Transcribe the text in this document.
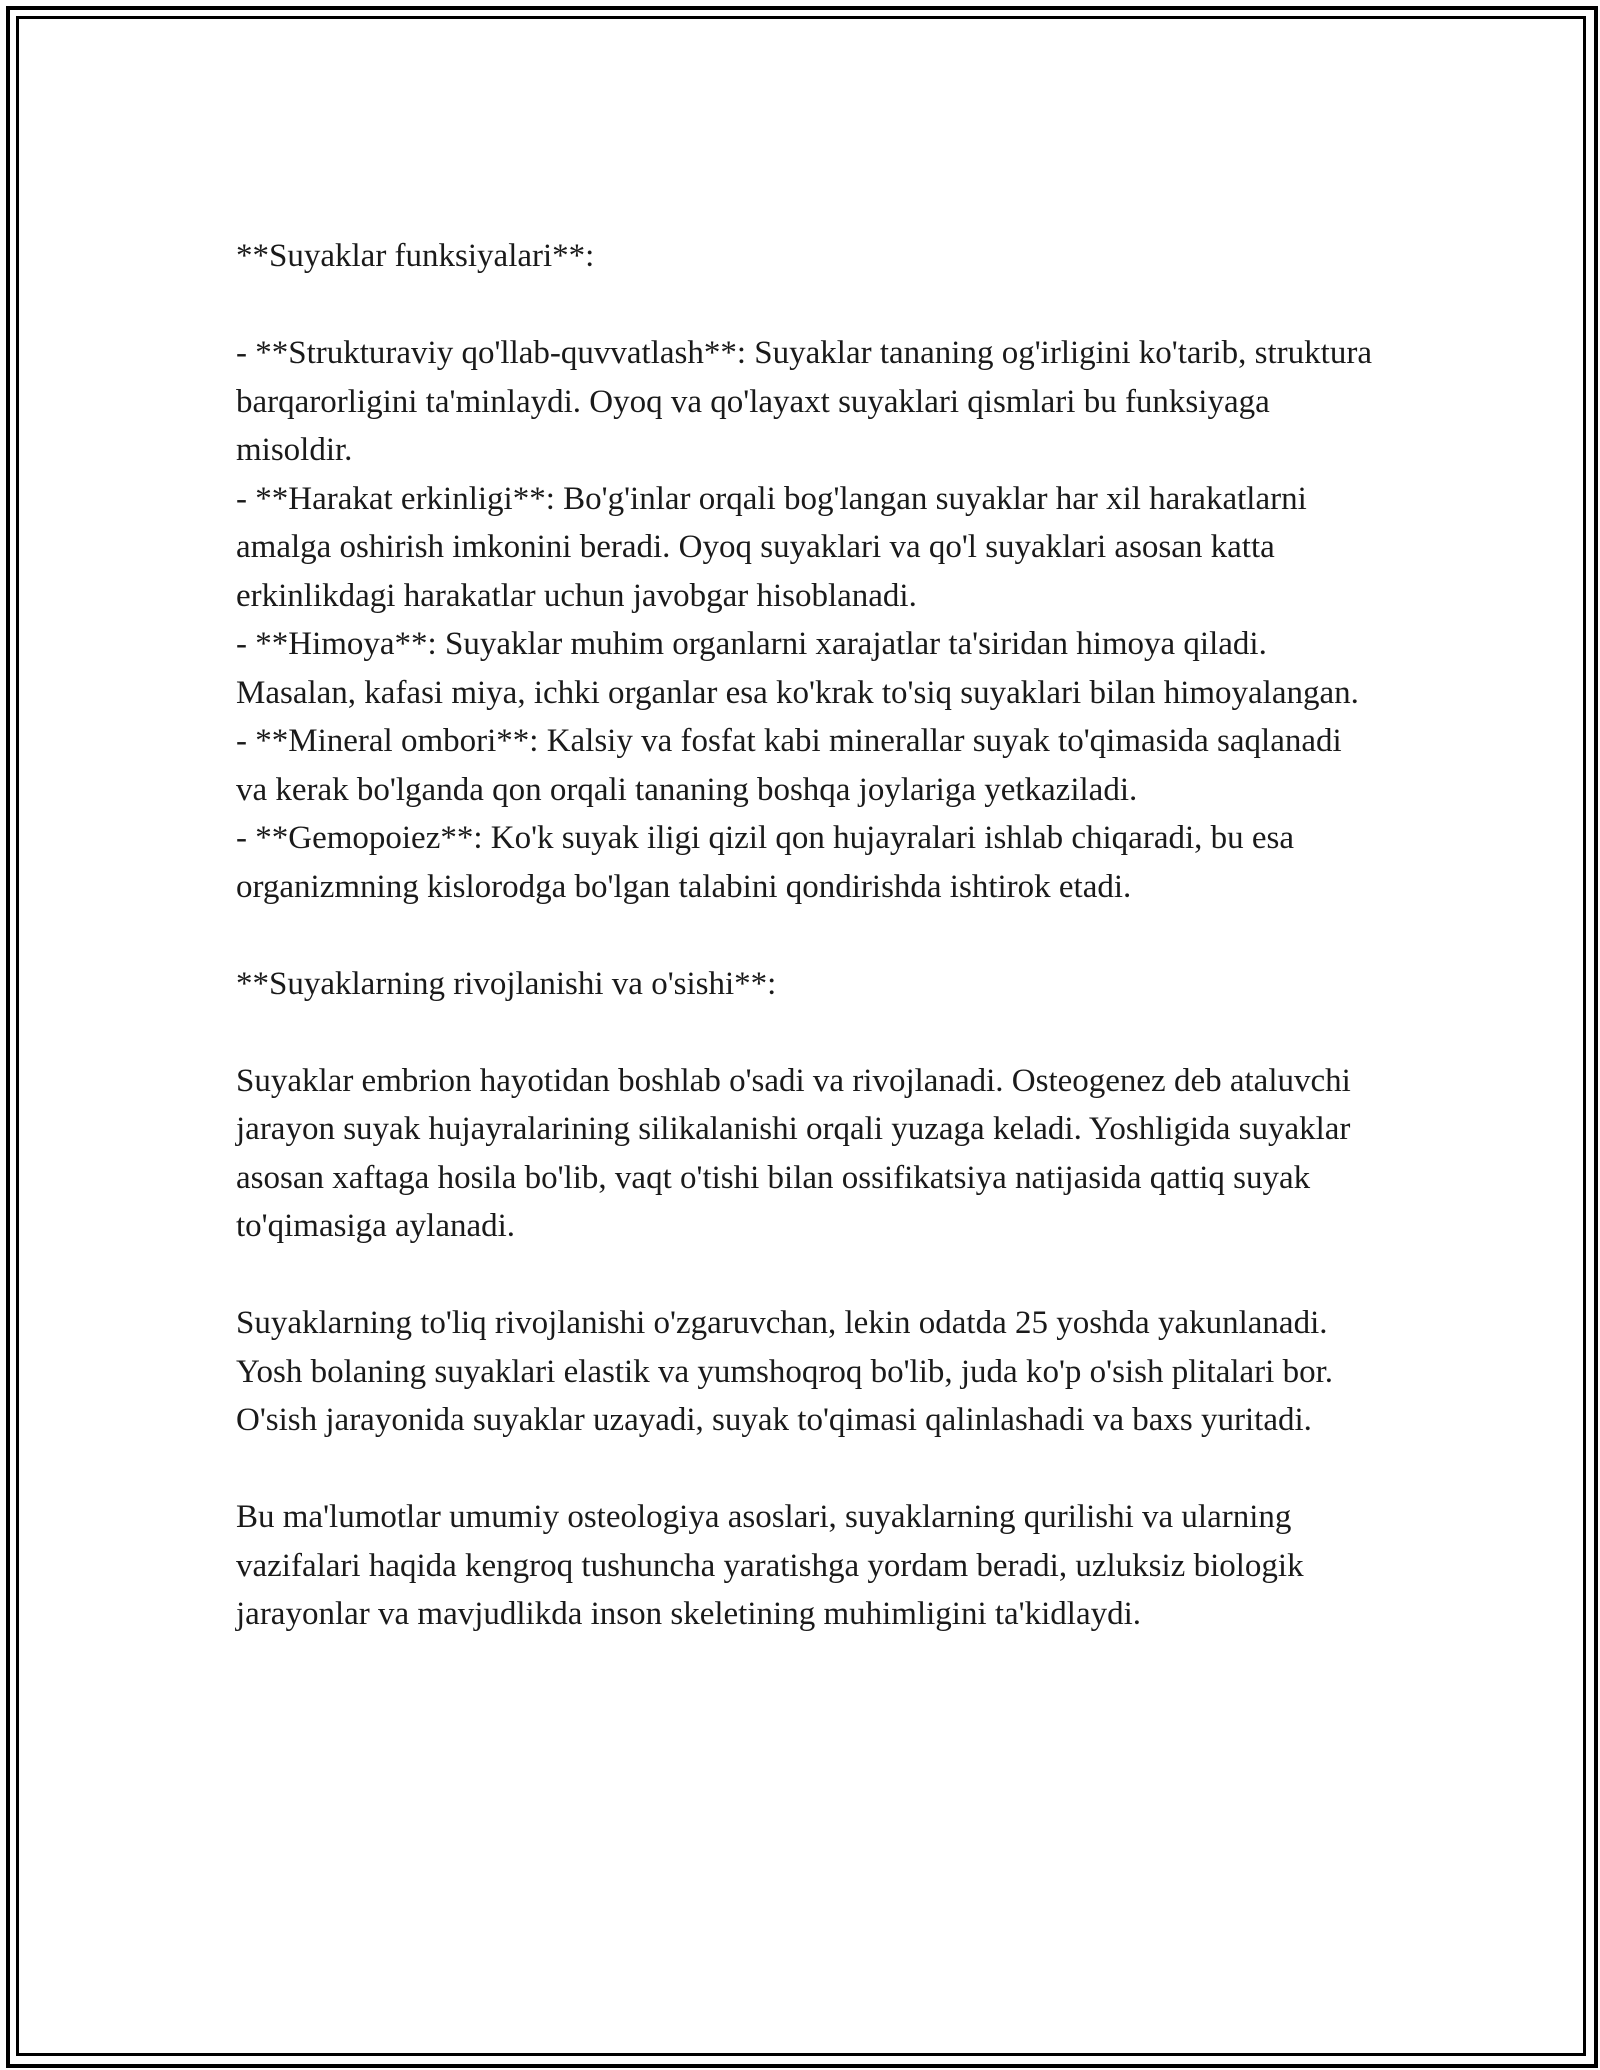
**Suyaklar funksiyalari**:

- **Strukturaviy qo'llab-quvvatlash**: Suyaklar tananing og'irligini ko'tarib, struktura barqarorligini ta'minlaydi. Oyoq va qo'layaxt suyaklari qismlari bu funksiyaga misoldir.

- **Harakat erkinligi**: Bo'g'inlar orqali bog'langan suyaklar har xil harakatlarni amalga oshirish imkonini beradi. Oyoq suyaklari va qo'l suyaklari asosan katta erkinlikdagi harakatlar uchun javobgar hisoblanadi.

- **Himoya**: Suyaklar muhim organlarni xarajatlar ta'siridan himoya qiladi. Masalan, kafasi miya, ichki organlar esa ko'krak to'siq suyaklari bilan himoyalangan.

- **Mineral ombori**: Kalsiy va fosfat kabi minerallar suyak to'qimasida saqlanadi va kerak bo'lganda qon orqali tananing boshqa joylariga yetkaziladi.

- **Gemopoiez**: Ko'k suyak iligi qizil qon hujayralari ishlab chiqaradi, bu esa organizmning kislorodga bo'lgan talabini qondirishda ishtirok etadi.

**Suyaklarning rivojlanishi va o'sishi**:

Suyaklar embrion hayotidan boshlab o'sadi va rivojlanadi. Osteogenez deb ataluvchi jarayon suyak hujayralarining silikalanishi orqali yuzaga keladi. Yoshligida suyaklar asosan xaftaga hosila bo'lib, vaqt o'tishi bilan ossifikatsiya natijasida qattiq suyak to'qimasiga aylanadi.

Suyaklarning to'liq rivojlanishi o'zgaruvchan, lekin odatda 25 yoshda yakunlanadi. Yosh bolaning suyaklari elastik va yumshoqroq bo'lib, juda ko'p o'sish plitalari bor. O'sish jarayonida suyaklar uzayadi, suyak to'qimasi qalinlashadi va baxs yuritadi.

Bu ma'lumotlar umumiy osteologiya asoslari, suyaklarning qurilishi va ularning vazifalari haqida kengroq tushuncha yaratishga yordam beradi, uzluksiz biologik jarayonlar va mavjudlikda inson skeletining muhimligini ta'kidlaydi.
